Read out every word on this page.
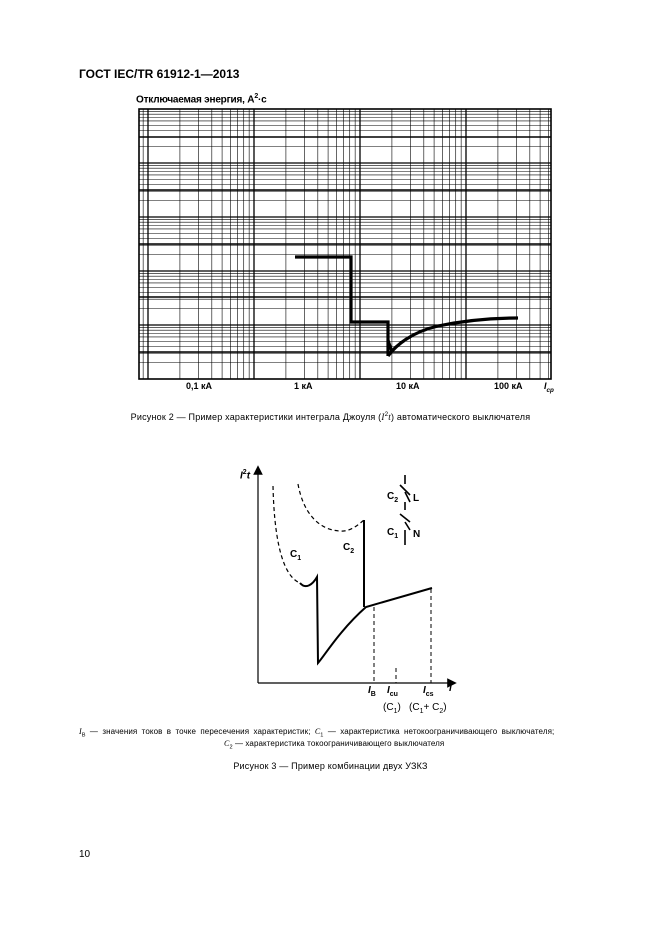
ГОСТ IEC/TR 61912-1—2013
Отключаемая энергия, $А^2\cdot с$
0,1 кА	1 кА	10 кА	100 кА $I_{ср}$
Рисунок 2 — Пример характеристики интеграла Джоуля $(I^2t)$ автоматического выключателя
$I^2t$
$C_1$
$C_2$
$C_2$ L
$C_1$ N
I
$I_B$ $I_{cu}$	$I_{cs}$
$(C_1)$ $(C_1+ C_2)$
$I_B$ — значения токов в точке пересечения характеристик; $C_1$ — характеристика нетокоограничивающего выключателя;
$C_2$ — характеристика токоограничивающего выключателя
Рисунок 3 — Пример комбинации двух УЗКЗ
10
